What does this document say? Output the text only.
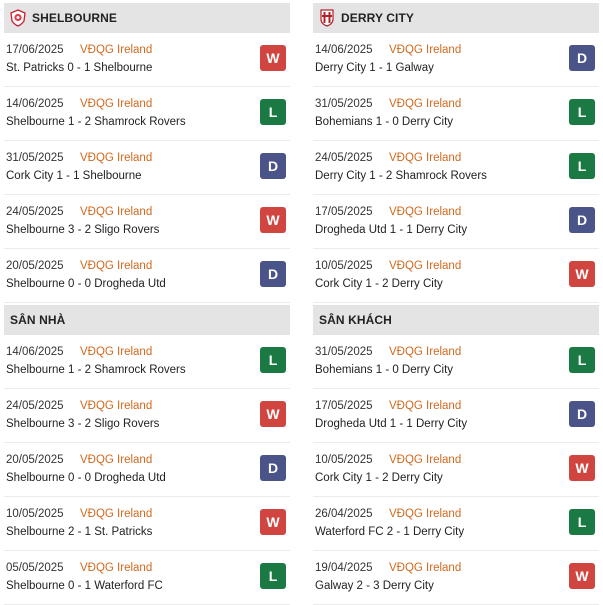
SHELBOURNE
17/06/2025 VĐQG Ireland
St. Patricks 0 - 1 Shelbourne
W
14/06/2025 VĐQG Ireland
Shelbourne 1 - 2 Shamrock Rovers
L
31/05/2025 VĐQG Ireland
Cork City 1 - 1 Shelbourne
D
24/05/2025 VĐQG Ireland
Shelbourne 3 - 2 Sligo Rovers
W
20/05/2025 VĐQG Ireland
Shelbourne 0 - 0 Drogheda Utd
D
DERRY CITY
14/06/2025 VĐQG Ireland
Derry City 1 - 1 Galway
D
31/05/2025 VĐQG Ireland
Bohemians 1 - 0 Derry City
L
24/05/2025 VĐQG Ireland
Derry City 1 - 2 Shamrock Rovers
L
17/05/2025 VĐQG Ireland
Drogheda Utd 1 - 1 Derry City
D
10/05/2025 VĐQG Ireland
Cork City 1 - 2 Derry City
W
SÂN NHÀ
14/06/2025 VĐQG Ireland
Shelbourne 1 - 2 Shamrock Rovers
L
24/05/2025 VĐQG Ireland
Shelbourne 3 - 2 Sligo Rovers
W
20/05/2025 VĐQG Ireland
Shelbourne 0 - 0 Drogheda Utd
D
10/05/2025 VĐQG Ireland
Shelbourne 2 - 1 St. Patricks
W
05/05/2025 VĐQG Ireland
Shelbourne 0 - 1 Waterford FC
L
SÂN KHÁCH
31/05/2025 VĐQG Ireland
Bohemians 1 - 0 Derry City
L
17/05/2025 VĐQG Ireland
Drogheda Utd 1 - 1 Derry City
D
10/05/2025 VĐQG Ireland
Cork City 1 - 2 Derry City
W
26/04/2025 VĐQG Ireland
Waterford FC 2 - 1 Derry City
L
19/04/2025 VĐQG Ireland
Galway 2 - 3 Derry City
W
